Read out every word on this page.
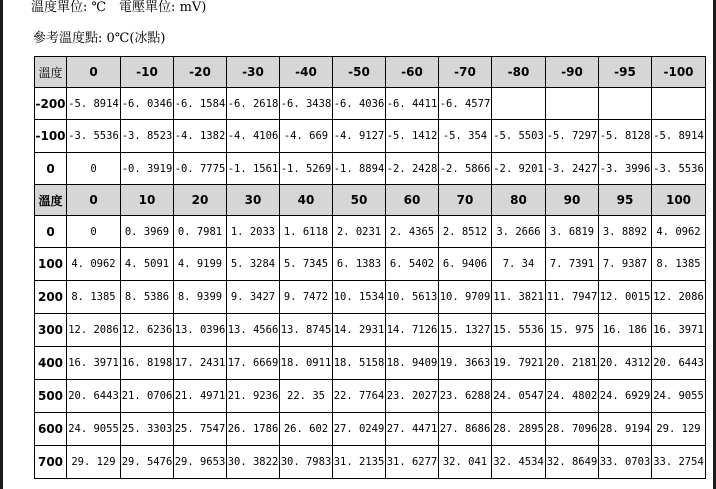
溫度單位: ℃　電壓單位: mV)
參考溫度點: 0℃(冰點)
溫度	0	-10	-20	-30	-40	-50	-60	-70	-80	-90	-95	-100
-200	-5. 8914	-6. 0346	-6. 1584	-6. 2618	-6. 3438	-6. 4036	-6. 4411	-6. 4577				
-100	-3. 5536	-3. 8523	-4. 1382	-4. 4106	-4. 669	-4. 9127	-5. 1412	-5. 354	-5. 5503	-5. 7297	-5. 8128	-5. 8914
0	0	-0. 3919	-0. 7775	-1. 1561	-1. 5269	-1. 8894	-2. 2428	-2. 5866	-2. 9201	-3. 2427	-3. 3996	-3. 5536
溫度	0	10	20	30	40	50	60	70	80	90	95	100
0	0	0. 3969	0. 7981	1. 2033	1. 6118	2. 0231	2. 4365	2. 8512	3. 2666	3. 6819	3. 8892	4. 0962
100	4. 0962	4. 5091	4. 9199	5. 3284	5. 7345	6. 1383	6. 5402	6. 9406	7. 34	7. 7391	7. 9387	8. 1385
200	8. 1385	8. 5386	8. 9399	9. 3427	9. 7472	10. 1534	10. 5613	10. 9709	11. 3821	11. 7947	12. 0015	12. 2086
300	12. 2086	12. 6236	13. 0396	13. 4566	13. 8745	14. 2931	14. 7126	15. 1327	15. 5536	15. 975	16. 186	16. 3971
400	16. 3971	16. 8198	17. 2431	17. 6669	18. 0911	18. 5158	18. 9409	19. 3663	19. 7921	20. 2181	20. 4312	20. 6443
500	20. 6443	21. 0706	21. 4971	21. 9236	22. 35	22. 7764	23. 2027	23. 6288	24. 0547	24. 4802	24. 6929	24. 9055
600	24. 9055	25. 3303	25. 7547	26. 1786	26. 602	27. 0249	27. 4471	27. 8686	28. 2895	28. 7096	28. 9194	29. 129
700	29. 129	29. 5476	29. 9653	30. 3822	30. 7983	31. 2135	31. 6277	32. 041	32. 4534	32. 8649	33. 0703	33. 2754
